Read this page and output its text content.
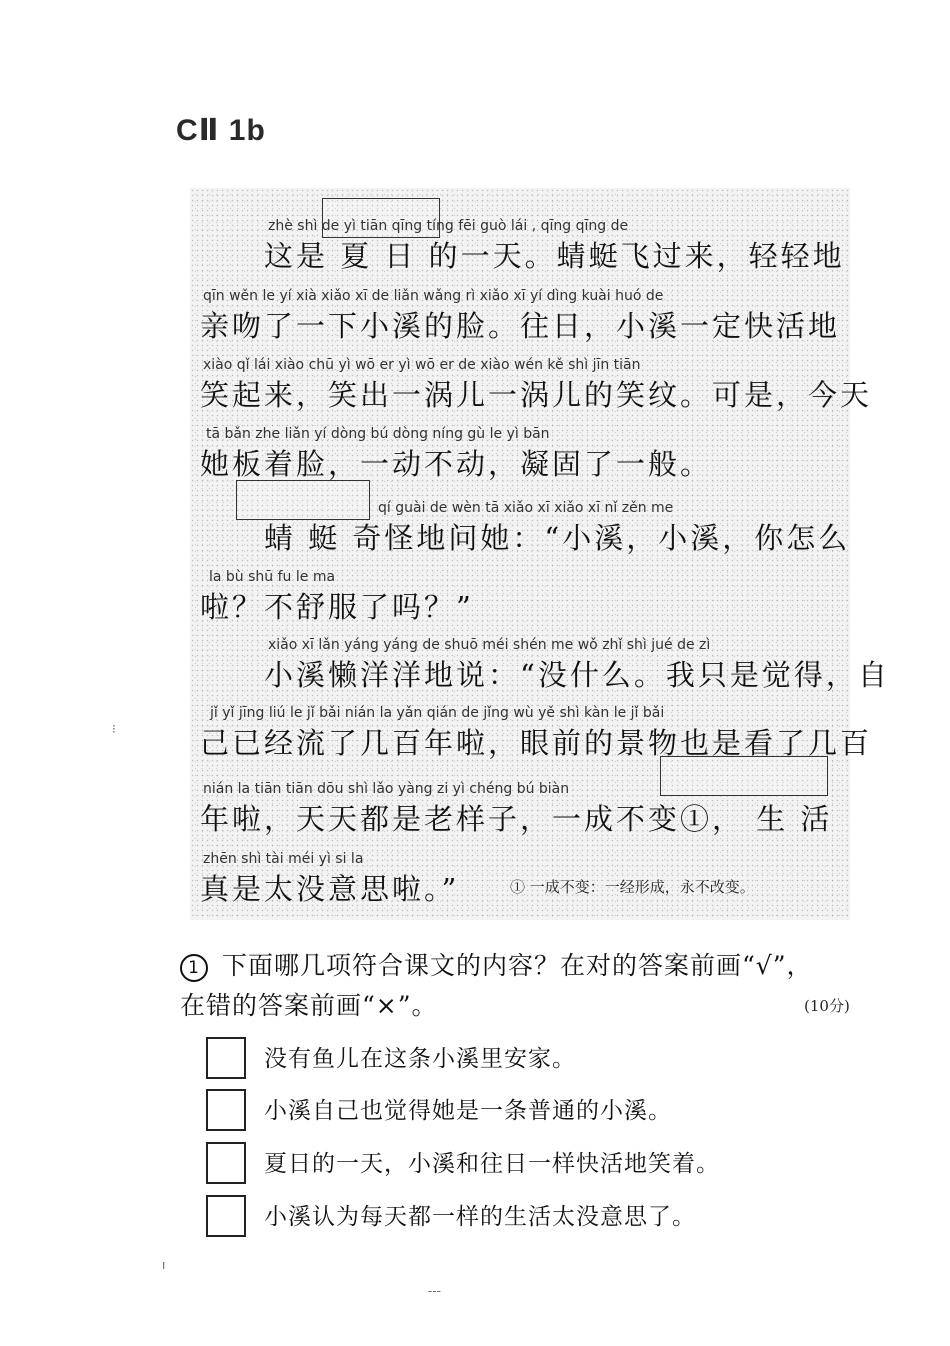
CⅡ 1b
zhè shì de yì tiān qīng tíng fēi guò lái , qīng qīng de
这是 夏 日 的一天。蜻蜓飞过来，轻轻地
qīn wěn le yí xià xiǎo xī de liǎn wǎng rì xiǎo xī yí dìng kuài huó de
亲吻了一下小溪的脸。往日，小溪一定快活地
xiào qǐ lái xiào chū yì wō er yì wō er de xiào wén kě shì jīn tiān
笑起来，笑出一涡儿一涡儿的笑纹。可是，今天
tā bǎn zhe liǎn yí dòng bú dòng níng gù le yì bān
她板着脸，一动不动，凝固了一般。
qí guài de wèn tā xiǎo xī xiǎo xī nǐ zěn me
蜻 蜓 奇怪地问她：“小溪，小溪，你怎么
la bù shū fu le ma
啦？不舒服了吗？”
xiǎo xī lǎn yáng yáng de shuō méi shén me wǒ zhǐ shì jué de zì
小溪懒洋洋地说：“没什么。我只是觉得，自
jǐ yǐ jīng liú le jǐ bǎi nián la yǎn qián de jǐng wù yě shì kàn le jǐ bǎi
己已经流了几百年啦，眼前的景物也是看了几百
nián la tiān tiān dōu shì lǎo yàng zi yì chéng bú biàn
年啦，天天都是老样子，一成不变①， 生 活
zhēn shì tài méi yì si la
真是太没意思啦。”	① 一成不变：一经形成，永不改变。
1 下面哪几项符合课文的内容？在对的答案前画“√”，
在错的答案前画“×”。	(10分)
没有鱼儿在这条小溪里安家。
小溪自己也觉得她是一条普通的小溪。
夏日的一天，小溪和往日一样快活地笑着。
小溪认为每天都一样的生活太没意思了。
⁝
ı
‐‐‐
